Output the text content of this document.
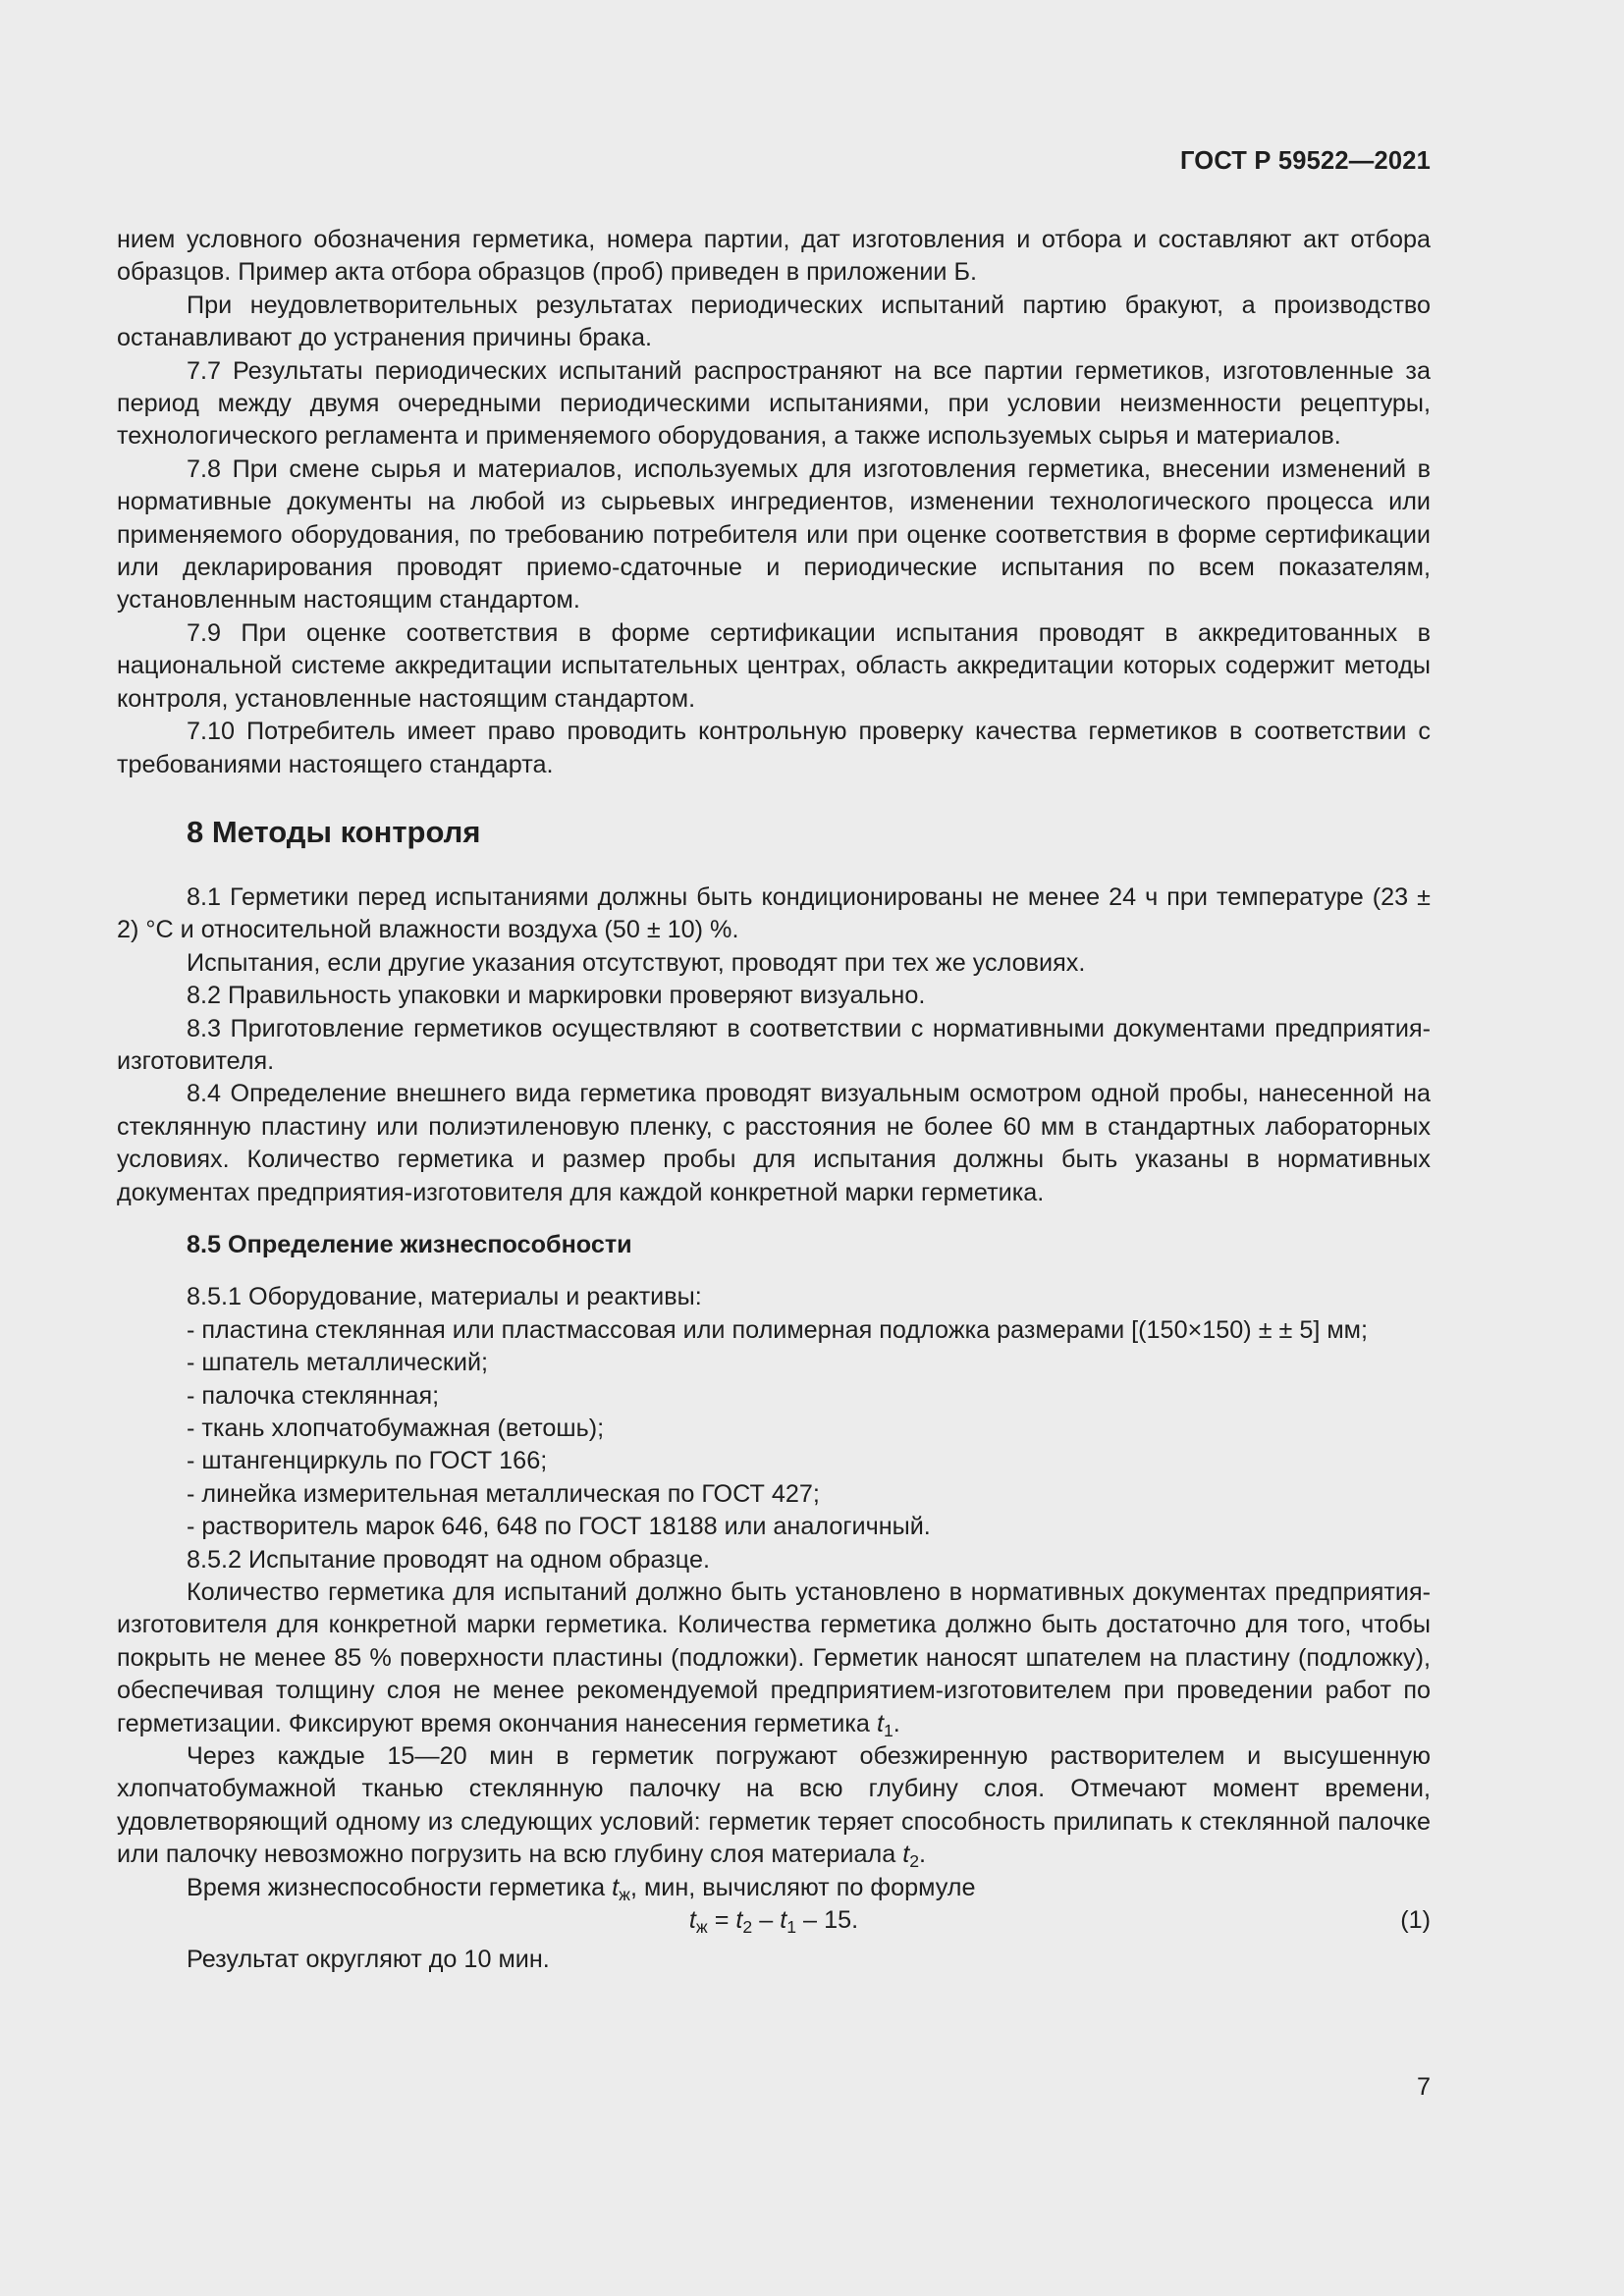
ГОСТ Р 59522—2021

нием условного обозначения герметика, номера партии, дат изготовления и отбора и составляют акт отбора образцов. Пример акта отбора образцов (проб) приведен в приложении Б.

При неудовлетворительных результатах периодических испытаний партию бракуют, а производство останавливают до устранения причины брака.

7.7 Результаты периодических испытаний распространяют на все партии герметиков, изготовленные за период между двумя очередными периодическими испытаниями, при условии неизменности рецептуры, технологического регламента и применяемого оборудования, а также используемых сырья и материалов.

7.8 При смене сырья и материалов, используемых для изготовления герметика, внесении изменений в нормативные документы на любой из сырьевых ингредиентов, изменении технологического процесса или применяемого оборудования, по требованию потребителя или при оценке соответствия в форме сертификации или декларирования проводят приемо-сдаточные и периодические испытания по всем показателям, установленным настоящим стандартом.

7.9 При оценке соответствия в форме сертификации испытания проводят в аккредитованных в национальной системе аккредитации испытательных центрах, область аккредитации которых содержит методы контроля, установленные настоящим стандартом.

7.10 Потребитель имеет право проводить контрольную проверку качества герметиков в соответствии с требованиями настоящего стандарта.

8 Методы контроля

8.1 Герметики перед испытаниями должны быть кондиционированы не менее 24 ч при температуре (23 ± 2) °С и относительной влажности воздуха (50 ± 10) %.

Испытания, если другие указания отсутствуют, проводят при тех же условиях.

8.2 Правильность упаковки и маркировки проверяют визуально.

8.3 Приготовление герметиков осуществляют в соответствии с нормативными документами предприятия-изготовителя.

8.4 Определение внешнего вида герметика проводят визуальным осмотром одной пробы, нанесенной на стеклянную пластину или полиэтиленовую пленку, с расстояния не более 60 мм в стандартных лабораторных условиях. Количество герметика и размер пробы для испытания должны быть указаны в нормативных документах предприятия-изготовителя для каждой конкретной марки герметика.

8.5 Определение жизнеспособности

8.5.1 Оборудование, материалы и реактивы:

- пластина стеклянная или пластмассовая или полимерная подложка размерами [(150×150) ± ± 5] мм;

- шпатель металлический;

- палочка стеклянная;

- ткань хлопчатобумажная (ветошь);

- штангенциркуль по ГОСТ 166;

- линейка измерительная металлическая по ГОСТ 427;

- растворитель марок 646, 648 по ГОСТ 18188 или аналогичный.

8.5.2 Испытание проводят на одном образце.

Количество герметика для испытаний должно быть установлено в нормативных документах предприятия-изготовителя для конкретной марки герметика. Количества герметика должно быть достаточно для того, чтобы покрыть не менее 85 % поверхности пластины (подложки). Герметик наносят шпателем на пластину (подложку), обеспечивая толщину слоя не менее рекомендуемой предприятием-изготовителем при проведении работ по герметизации. Фиксируют время окончания нанесения герметика $t_1$.

Через каждые 15—20 мин в герметик погружают обезжиренную растворителем и высушенную хлопчатобумажной тканью стеклянную палочку на всю глубину слоя. Отмечают момент времени, удовлетворяющий одному из следующих условий: герметик теряет способность прилипать к стеклянной палочке или палочку невозможно погрузить на всю глубину слоя материала $t_2$.

Время жизнеспособности герметика $t_ж$, мин, вычисляют по формуле

$t_ж = t_2 - t_1 - 15$.	(1)

Результат округляют до 10 мин.

7
